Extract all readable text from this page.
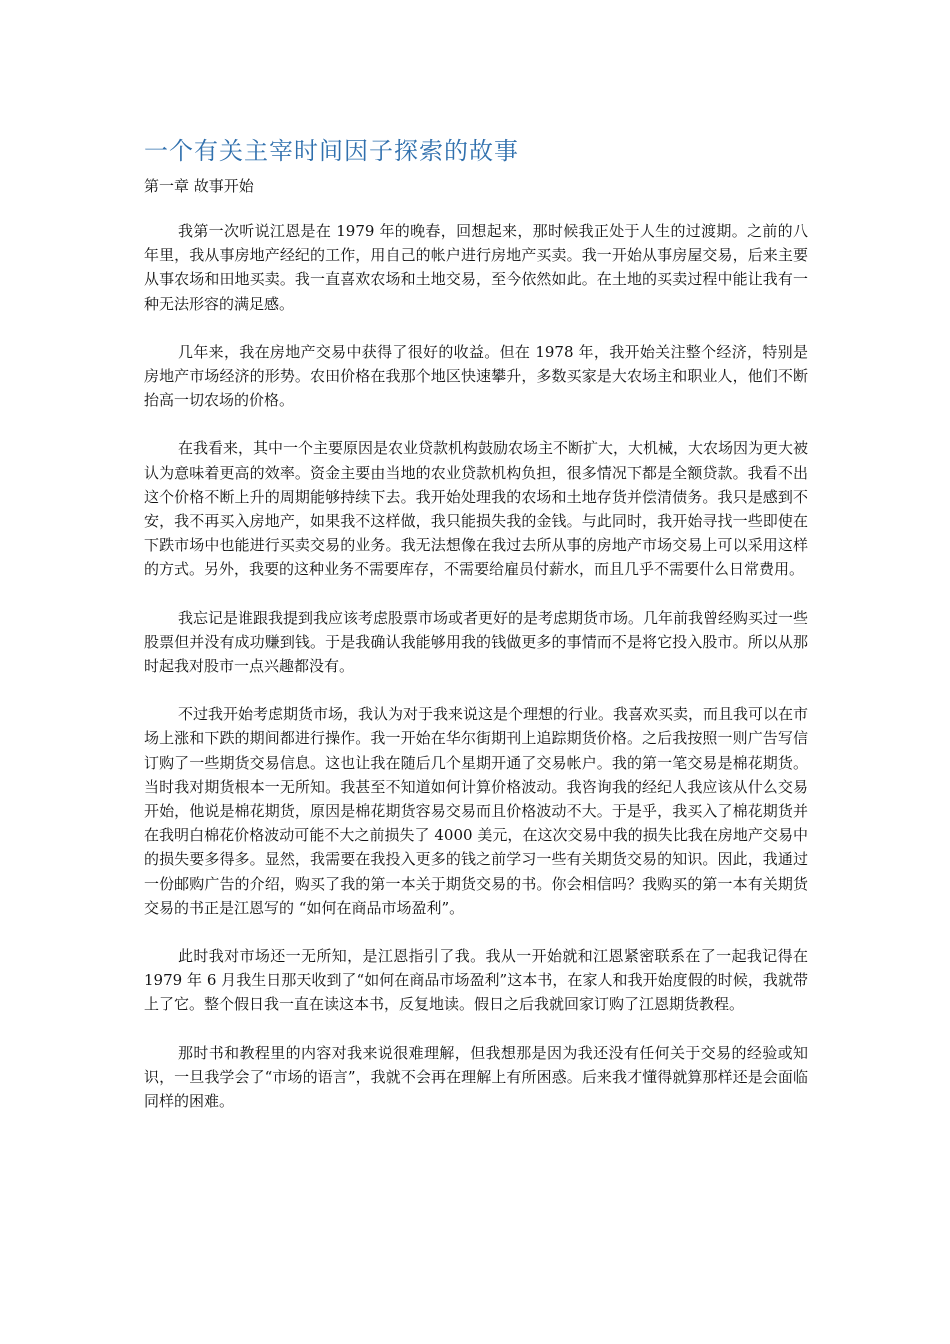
一个有关主宰时间因子探索的故事
第一章 故事开始

我第一次听说江恩是在 1979 年的晚春，回想起来，那时候我正处于人生的过渡期。之前的八年里，我从事房地产经纪的工作，用自己的帐户进行房地产买卖。我一开始从事房屋交易，后来主要从事农场和田地买卖。我一直喜欢农场和土地交易，至今依然如此。在土地的买卖过程中能让我有一种无法形容的满足感。

几年来，我在房地产交易中获得了很好的收益。但在 1978 年，我开始关注整个经济，特别是房地产市场经济的形势。农田价格在我那个地区快速攀升，多数买家是大农场主和职业人，他们不断抬高一切农场的价格。

在我看来，其中一个主要原因是农业贷款机构鼓励农场主不断扩大，大机械，大农场因为更大被认为意味着更高的效率。资金主要由当地的农业贷款机构负担，很多情况下都是全额贷款。我看不出这个价格不断上升的周期能够持续下去。我开始处理我的农场和土地存货并偿清债务。我只是感到不安，我不再买入房地产，如果我不这样做，我只能损失我的金钱。与此同时，我开始寻找一些即使在下跌市场中也能进行买卖交易的业务。我无法想像在我过去所从事的房地产市场交易上可以采用这样的方式。另外，我要的这种业务不需要库存，不需要给雇员付薪水，而且几乎不需要什么日常费用。

我忘记是谁跟我提到我应该考虑股票市场或者更好的是考虑期货市场。几年前我曾经购买过一些股票但并没有成功赚到钱。于是我确认我能够用我的钱做更多的事情而不是将它投入股市。所以从那时起我对股市一点兴趣都没有。

不过我开始考虑期货市场，我认为对于我来说这是个理想的行业。我喜欢买卖，而且我可以在市场上涨和下跌的期间都进行操作。我一开始在华尔街期刊上追踪期货价格。之后我按照一则广告写信订购了一些期货交易信息。这也让我在随后几个星期开通了交易帐户。我的第一笔交易是棉花期货。当时我对期货根本一无所知。我甚至不知道如何计算价格波动。我咨询我的经纪人我应该从什么交易开始，他说是棉花期货，原因是棉花期货容易交易而且价格波动不大。于是乎，我买入了棉花期货并在我明白棉花价格波动可能不大之前损失了 4000 美元，在这次交易中我的损失比我在房地产交易中的损失要多得多。显然，我需要在我投入更多的钱之前学习一些有关期货交易的知识。因此，我通过一份邮购广告的介绍，购买了我的第一本关于期货交易的书。你会相信吗？我购买的第一本有关期货交易的书正是江恩写的 “如何在商品市场盈利”。

此时我对市场还一无所知，是江恩指引了我。我从一开始就和江恩紧密联系在了一起我记得在 1979 年 6 月我生日那天收到了“如何在商品市场盈利”这本书，在家人和我开始度假的时候，我就带上了它。整个假日我一直在读这本书，反复地读。假日之后我就回家订购了江恩期货教程。

那时书和教程里的内容对我来说很难理解，但我想那是因为我还没有任何关于交易的经验或知识，一旦我学会了“市场的语言”，我就不会再在理解上有所困惑。后来我才懂得就算那样还是会面临同样的困难。
